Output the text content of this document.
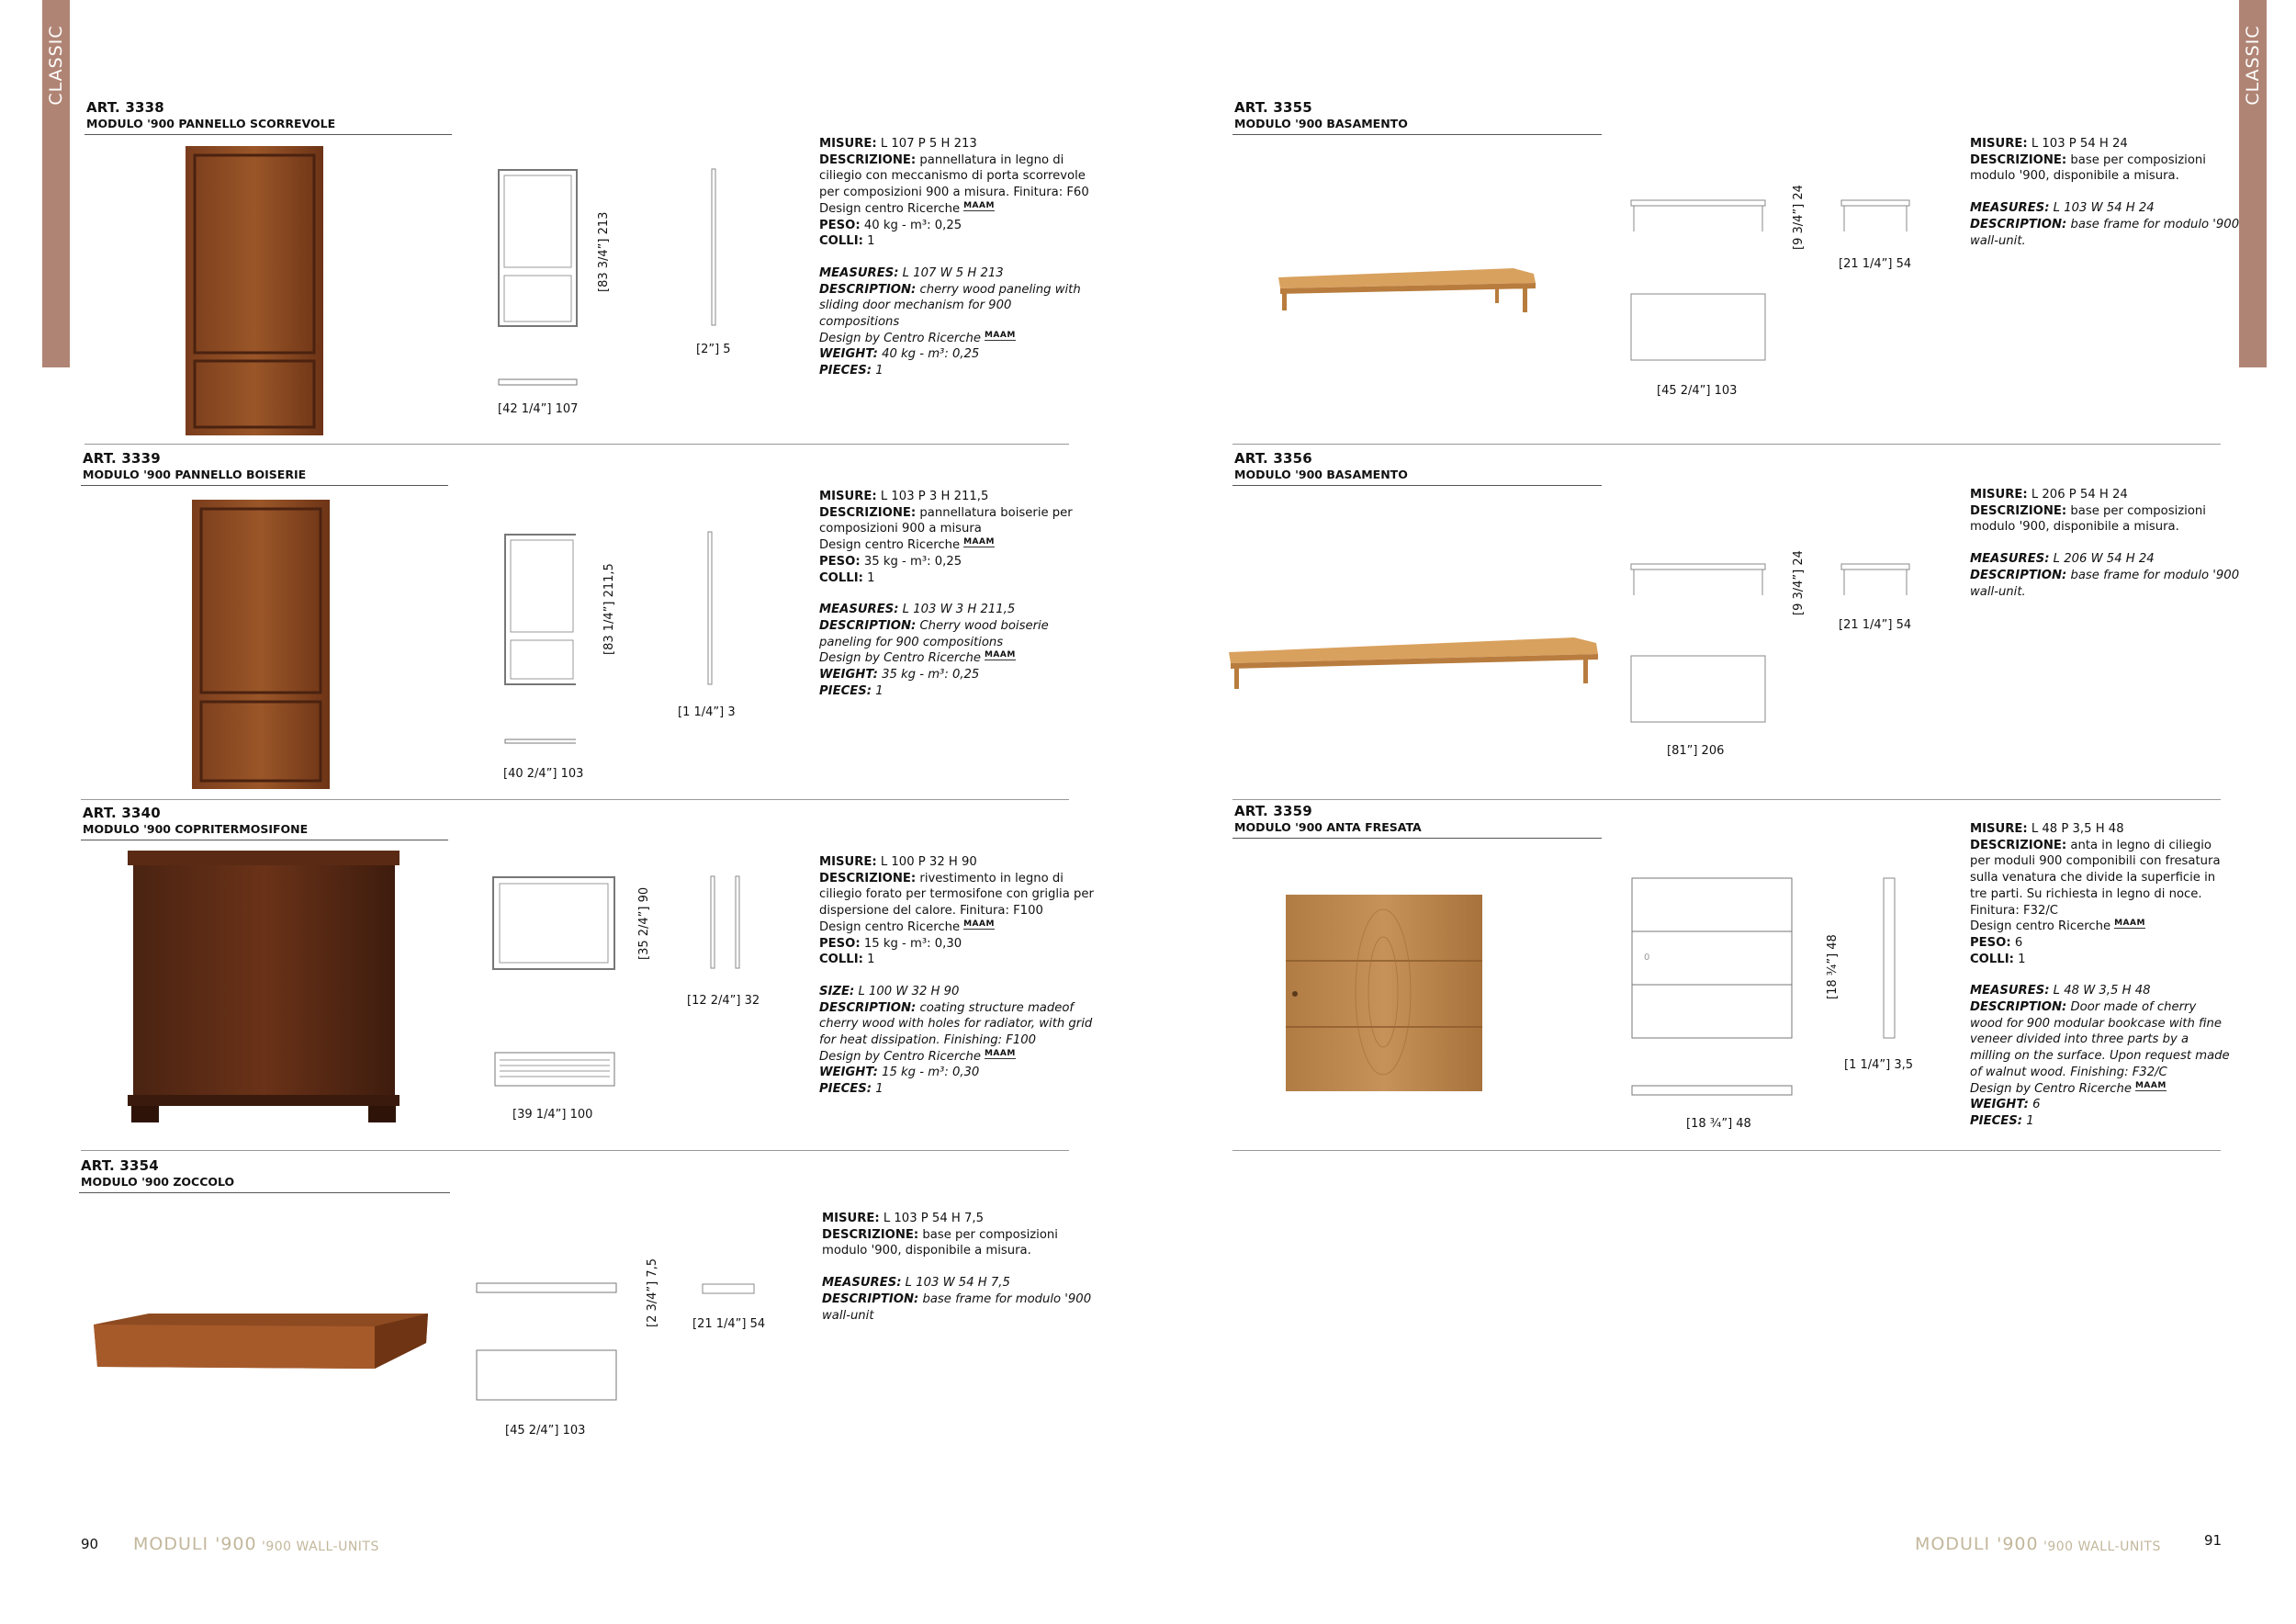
CLASSIC	CLASSIC
ART. 3338
MODULO '900 PANNELLO SCORREVOLE
[83 3/4”] 213
[42 1/4”] 107
[2”] 5

MISURE: L 107 P 5 H 213

DESCRIZIONE: pannellatura in legno di ciliegio con meccanismo di porta scorrevole per composizioni 900 a misura. Finitura: F60

Design centro Ricerche MAAM

PESO: 40 kg - m³: 0,25

COLLI: 1

MEASURES: L 107 W 5 H 213

DESCRIPTION: cherry wood paneling with sliding door mechanism for 900 compositions

Design by Centro Ricerche MAAM

WEIGHT: 40 kg - m³: 0,25

PIECES: 1

ART. 3339
MODULO '900 PANNELLO BOISERIE
[83 1/4”] 211,5
[40 2/4”] 103
[1 1/4”] 3

MISURE: L 103 P 3 H 211,5

DESCRIZIONE: pannellatura boiserie per composizioni 900 a misura

Design centro Ricerche MAAM

PESO: 35 kg - m³: 0,25

COLLI: 1

MEASURES: L 103 W 3 H 211,5

DESCRIPTION: Cherry wood boiserie paneling for 900 compositions

Design by Centro Ricerche MAAM

WEIGHT: 35 kg - m³: 0,25

PIECES: 1

ART. 3340
MODULO '900 COPRITERMOSIFONE
[35 2/4”] 90
[39 1/4”] 100
[12 2/4”] 32

MISURE: L 100 P 32 H 90

DESCRIZIONE: rivestimento in legno di ciliegio forato per termosifone con griglia per dispersione del calore. Finitura: F100

Design centro Ricerche MAAM

PESO: 15 kg - m³: 0,30

COLLI: 1

SIZE: L 100 W 32 H 90

DESCRIPTION: coating structure madeof cherry wood with holes for radiator, with grid for heat dissipation. Finishing: F100

Design by Centro Ricerche MAAM

WEIGHT: 15 kg - m³: 0,30

PIECES: 1

ART. 3354
MODULO '900 ZOCCOLO
[2 3/4”] 7,5
[45 2/4”] 103
[21 1/4”] 54

MISURE: L 103 P 54 H 7,5

DESCRIZIONE: base per composizioni modulo '900, disponibile a misura.

MEASURES: L 103 W 54 H 7,5

DESCRIPTION: base frame for modulo '900 wall-unit

90 MODULI '900 '900 WALL-UNITS
ART. 3355
MODULO '900 BASAMENTO
[9 3/4”] 24
[45 2/4”] 103
[21 1/4”] 54

MISURE: L 103 P 54 H 24

DESCRIZIONE: base per composizioni modulo '900, disponibile a misura.

MEASURES: L 103 W 54 H 24

DESCRIPTION: base frame for modulo '900 wall-unit.

ART. 3356
MODULO '900 BASAMENTO
[9 3/4”] 24
[81”] 206
[21 1/4”] 54

MISURE: L 206 P 54 H 24

DESCRIZIONE: base per composizioni modulo '900, disponibile a misura.

MEASURES: L 206 W 54 H 24

DESCRIPTION: base frame for modulo '900 wall-unit.

ART. 3359
MODULO '900 ANTA FRESATA
0	[18 ¾”] 48
[18 ¾”] 48
[1 1/4”] 3,5

MISURE: L 48 P 3,5 H 48

DESCRIZIONE: anta in legno di ciliegio per moduli 900 componibili con fresatura sulla venatura che divide la superficie in tre parti. Su richiesta in legno di noce. Finitura: F32/C

Design centro Ricerche MAAM

PESO: 6

COLLI: 1

MEASURES: L 48 W 3,5 H 48

DESCRIPTION: Door made of cherry wood for 900 modular bookcase with fine veneer divided into three parts by a milling on the surface. Upon request made of walnut wood. Finishing: F32/C

Design by Centro Ricerche MAAM

WEIGHT: 6

PIECES: 1

MODULI '900 '900 WALL-UNITS	91
